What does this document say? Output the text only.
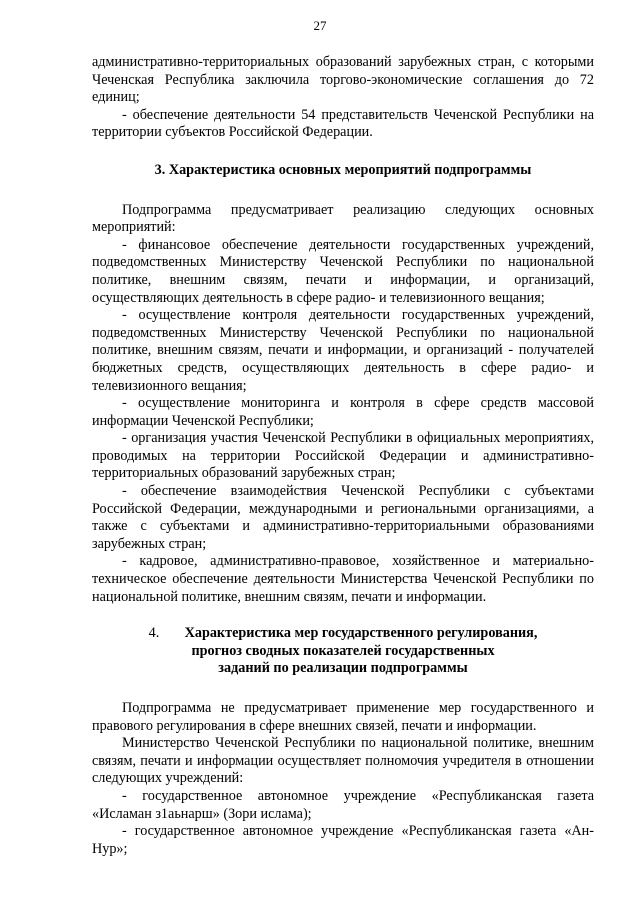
27

административно-территориальных образований зарубежных стран, с которыми Чеченская Республика заключила торгово-экономические соглашения до 72 единиц;

- обеспечение деятельности 54 представительств Чеченской Республики на территории субъектов Российской Федерации.

3. Характеристика основных мероприятий подпрограммы

Подпрограмма предусматривает реализацию следующих основных мероприятий:

- финансовое обеспечение деятельности государственных учреждений, подведомственных Министерству Чеченской Республики по национальной политике, внешним связям, печати и информации, и организаций, осуществляющих деятельность в сфере радио- и телевизионного вещания;

- осуществление контроля деятельности государственных учреждений, подведомственных Министерству Чеченской Республики по национальной политике, внешним связям, печати и информации, и организаций - получателей бюджетных средств, осуществляющих деятельность в сфере радио- и телевизионного вещания;

- осуществление мониторинга и контроля в сфере средств массовой информации Чеченской Республики;

- организация участия Чеченской Республики в официальных мероприятиях, проводимых на территории Российской Федерации и административно-территориальных образований зарубежных стран;

- обеспечение взаимодействия Чеченской Республики с субъектами Российской Федерации, международными и региональными организациями, а также с субъектами и административно-территориальными образованиями зарубежных стран;

- кадровое, административно-правовое, хозяйственное и материально-техническое обеспечение деятельности Министерства Чеченской Республики по национальной политике, внешним связям, печати и информации.

4. Характеристика мер государственного регулирования,
прогноз сводных показателей государственных
заданий по реализации подпрограммы

Подпрограмма не предусматривает применение мер государственного и правового регулирования в сфере внешних связей, печати и информации.

Министерство Чеченской Республики по национальной политике, внешним связям, печати и информации осуществляет полномочия учредителя в отношении следующих учреждений:

- государственное автономное учреждение «Республиканская газета «Исламан з1аьнарш» (Зори ислама);

- государственное автономное учреждение «Республиканская газета «Ан-Нур»;
